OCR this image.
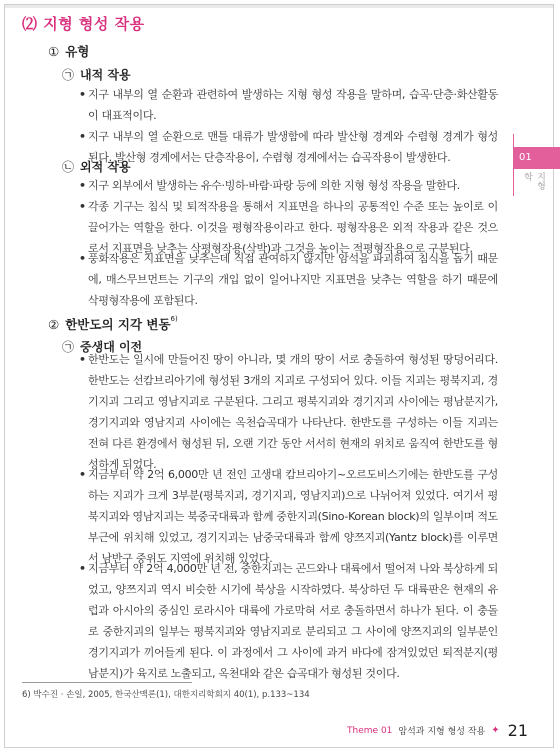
⑵ 지형 형성 작용
① 유형
㉠ 내적 작용
• 지구 내부의 열 순환과 관련하여 발생하는 지형 형성 작용을 말하며, 습곡·단층·화산활동이 대표적이다.
• 지구 내부의 열 순환으로 맨틀 대류가 발생함에 따라 발산형 경계와 수렴형 경계가 형성된다. 발산형 경계에서는 단층작용이, 수렴형 경계에서는 습곡작용이 발생한다.
㉡ 외적 작용
• 지구 외부에서 발생하는 유수·빙하·바람·파랑 등에 의한 지형 형성 작용을 말한다.
• 각종 기구는 침식 및 퇴적작용을 통해서 지표면을 하나의 공통적인 수준 또는 높이로 이끌어가는 역할을 한다. 이것을 평형작용이라고 한다. 평형작용은 외적 작용과 같은 것으로서 지표면을 낮추는 삭평형작용(삭박)과 그것을 높이는 적평형작용으로 구분된다.
• 풍화작용은 지표면을 낮추는데 직접 관여하지 않지만 암석을 파괴하여 침식을 돕기 때문에, 매스무브먼트는 기구의 개입 없이 일어나지만 지표면을 낮추는 역할을 하기 때문에 삭평형작용에 포함된다.
② 한반도의 지각 변동$^{6)}$
㉠ 중생대 이전
• 한반도는 일시에 만들어진 땅이 아니라, 몇 개의 땅이 서로 충돌하여 형성된 땅덩어리다. 한반도는 선캄브리아기에 형성된 3개의 지괴로 구성되어 있다. 이들 지괴는 평북지괴, 경기지괴 그리고 영남지괴로 구분된다. 그리고 평북지괴와 경기지괴 사이에는 평남분지가, 경기지괴와 영남지괴 사이에는 옥천습곡대가 나타난다. 한반도를 구성하는 이들 지괴는 전혀 다른 환경에서 형성된 뒤, 오랜 기간 동안 서서히 현재의 위치로 움직여 한반도를 형성하게 되었다.
• 지금부터 약 2억 6,000만 년 전인 고생대 캄브리아기~오르도비스기에는 한반도를 구성하는 지괴가 크게 3부분(평북지괴, 경기지괴, 영남지괴)으로 나뉘어져 있었다. 여기서 평북지괴와 영남지괴는 북중국대륙과 함께 중한지괴(Sino-Korean block)의 일부이며 적도 부근에 위치해 있었고, 경기지괴는 남중국대륙과 함께 양쯔지괴(Yantz block)를 이루면서 남반구 중위도 지역에 위치해 있었다.
• 지금부터 약 2억 4,000만 년 전, 중한지괴는 곤드와나 대륙에서 떨어져 나와 북상하게 되었고, 양쯔지괴 역시 비슷한 시기에 북상을 시작하였다. 북상하던 두 대륙판은 현재의 유럽과 아시아의 중심인 로라시아 대륙에 가로막혀 서로 충돌하면서 하나가 된다. 이 충돌로 중한지괴의 일부는 평북지괴와 영남지괴로 분리되고 그 사이에 양쯔지괴의 일부분인 경기지괴가 끼어들게 된다. 이 과정에서 그 사이에 과거 바다에 잠겨있었던 퇴적분지(평남분지)가 육지로 노출되고, 옥천대와 같은 습곡대가 형성된 것이다.
01
지형학
6) 박수진 · 손일, 2005, 한국산맥론(1), 대한지리학회지 40(1), p.133~134
Theme 01 암석과 지형 형성 작용 ✦ 21
